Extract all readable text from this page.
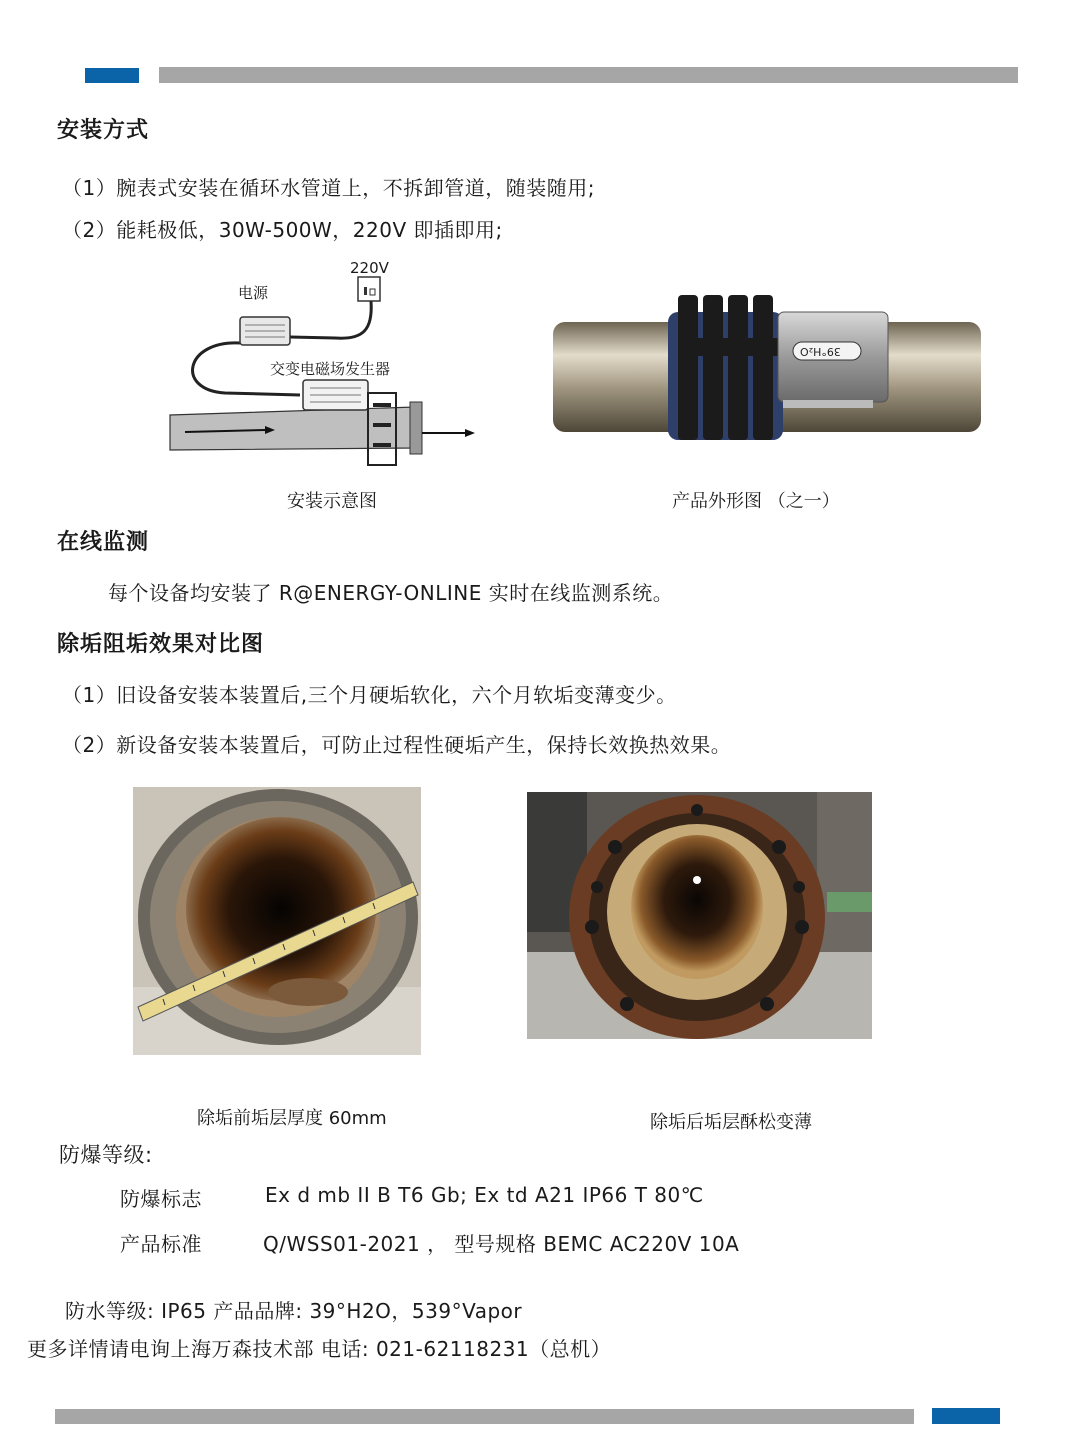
安装方式
（1）腕表式安装在循环水管道上，不拆卸管道，随装随用;
（2）能耗极低，30W-500W，220V 即插即用;
220V
电源
交变电磁场发生器
安装示意图
39°H₂O
产品外形图 （之一）
在线监测
每个设备均安装了 R@ENERGY-ONLINE 实时在线监测系统。
除垢阻垢效果对比图
（1）旧设备安装本装置后,三个月硬垢软化，六个月软垢变薄变少。
（2）新设备安装本装置后，可防止过程性硬垢产生，保持长效换热效果。
除垢前垢层厚度 60mm	除垢后垢层酥松变薄
防爆等级:
防爆标志	Ex d mb II B T6 Gb; Ex td A21 IP66 T 80℃
产品标准	Q/WSS01-2021 ， 型号规格 BEMC AC220V 10A
防水等级: IP65 产品品牌: 39°H2O，539°Vapor
更多详情请电询上海万森技术部 电话: 021-62118231（总机）
